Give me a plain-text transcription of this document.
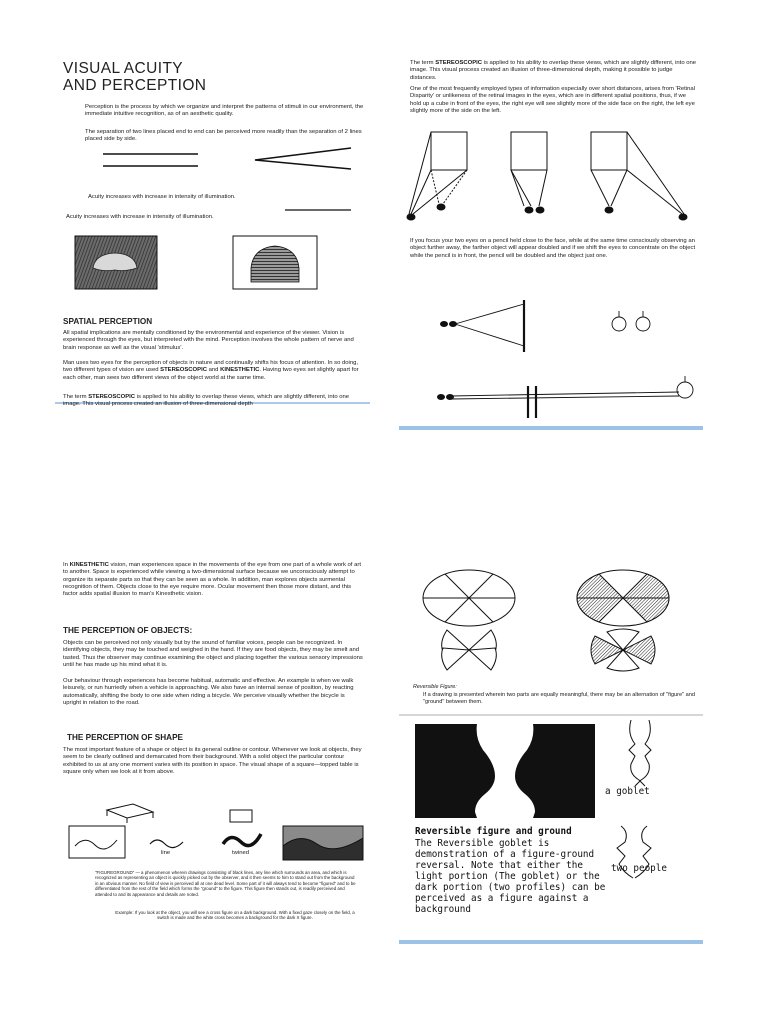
VISUAL ACUITY
AND PERCEPTION

Perception is the process by which we organize and interpret the patterns of stimuli in our environment, the immediate intuitive recognition, as of an aesthetic quality.

The separation of two lines placed end to end can be perceived more readily than the separation of 2 lines placed side by side.

Acuity increases with increase in intensity of illumination.

Acuity increases with increase in intensity of illumination.

SPATIAL PERCEPTION

All spatial implications are mentally conditioned by the environmental and experience of the viewer. Vision is experienced through the eyes, but interpreted with the mind. Perception involves the whole pattern of nerve and brain response as well as the visual 'stimulus'.

Man uses two eyes for the perception of objects in nature and continually shifts his focus of attention. In so doing, two different types of vision are used STEREOSCOPIC and KINESTHETIC. Having two eyes set slightly apart for each other, man sees two different views of the object world at the same time.

The term STEREOSCOPIC is applied to his ability to overlap these views, which are slightly different, into one image. This visual process created an illusion of three-dimensional depth

The term STEREOSCOPIC is applied to his ability to overlap these views, which are slightly different, into one image. This visual process created an illusion of three-dimensional depth, making it possible to judge distances.

One of the most frequently employed types of information especially over short distances, arises from 'Retinal Disparity' or unlikeness of the retinal images in the eyes, which are in different spatial positions, thus, if we hold up a cube in front of the eyes, the right eye will see slightly more of the side face on the right, the left eye slightly more of the side on the left.

If you focus your two eyes on a pencil held close to the face, while at the same time consciously observing an object further away, the farther object will appear doubled and if we shift the eyes to concentrate on the object while the pencil is in front, the pencil will be doubled and the object just one.

In KINESTHETIC vision, man experiences space in the movements of the eye from one part of a whole work of art to another. Space is experienced while viewing a two-dimensional surface because we unconsciously attempt to organize its separate parts so that they can be seen as a whole. In addition, man explores objects surmental recognition of them. Objects close to the eye require more. Ocular movement then those more distant, and this factor adds spatial illusion to man's Kinesthetic vision.

THE PERCEPTION OF OBJECTS:

Objects can be perceived not only visually but by the sound of familiar voices, people can be recognized. In identifying objects, they may be touched and weighed in the hand. If they are food objects, they may be smelt and tasted. Thus the observer may continue examining the object and placing together the various sensory impressions until he has made up his mind what it is.

Our behaviour through experiences has become habitual, automatic and effective. An example is when we walk leisurely, or run hurriedly when a vehicle is approaching. We also have an internal sense of position, by reacting automatically, shifting the body to one side when riding a bicycle. We perceive visually whether the bicycle is upright in relation to the road.

THE PERCEPTION OF SHAPE

The most important feature of a shape or object is its general outline or contour. Whenever we look at objects, they seem to be clearly outlined and demarcated from their background. With a solid object the particular contour exhibited to us at any one moment varies with its position in space. The visual shape of a square—topped table is square only when we look at it from above.

line	twined

"FIGUREGROUND" — a phenomenon wherein drawings consisting of black lines, any line which surrounds an area, and which is recognized as representing an object is quickly picked out by the observer, and it then seems to him to stand out from the background in an obvious manner. No field of view is perceived all at one dead level. Some part of it will always tend to become "figured" and to be differentiated from the rest of the field which forms the "ground" to the figure. This figure then stands out, is readily perceived and attended to and its appearance and details are noted.

Example: If you look at the object, you will see a cross figure on a dark background. With a fixed gaze closely on the field, a switch is made and the white cross becomes a background for the dark X figure.

Reversible Figure:

If a drawing is presented wherein two parts are equally meaningful, there may be an alternation of "figure" and "ground" between them.

a goblet
two people

Reversible figure and ground

The Reversible goblet is demonstration of a figure-ground reversal. Note that either the light portion (The goblet) or the dark portion (two profiles) can be perceived as a figure against a background
